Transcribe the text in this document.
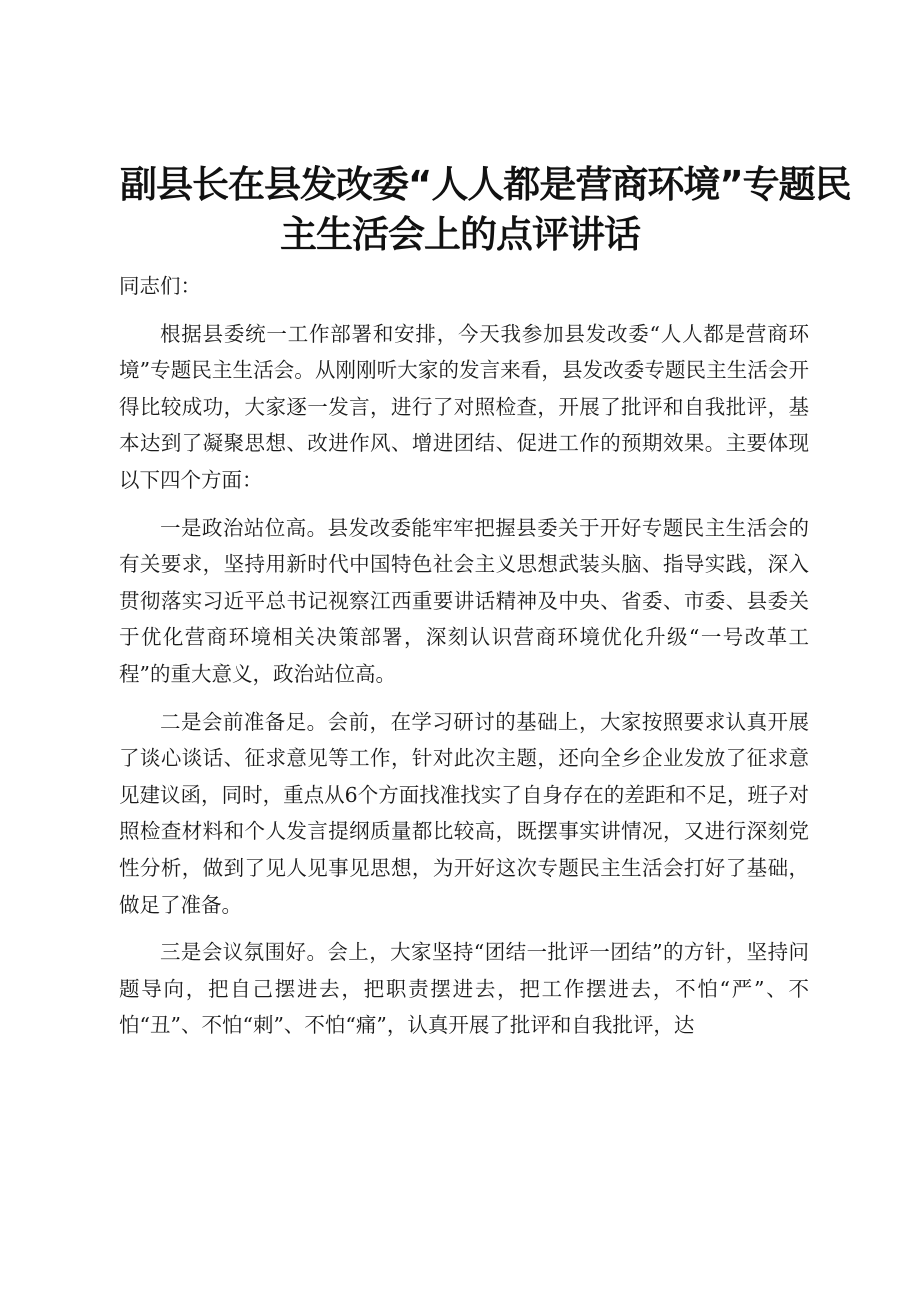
副县长在县发改委“人人都是营商环境”专题民
主生活会上的点评讲话

同志们：

根据县委统一工作部署和安排，今天我参加县发改委“人人都是营商环境”专题民主生活会。从刚刚听大家的发言来看，县发改委专题民主生活会开得比较成功，大家逐一发言，进行了对照检查，开展了批评和自我批评，基本达到了凝聚思想、改进作风、增进团结、促进工作的预期效果。主要体现以下四个方面：

一是政治站位高。县发改委能牢牢把握县委关于开好专题民主生活会的有关要求，坚持用新时代中国特色社会主义思想武装头脑、指导实践，深入贯彻落实习近平总书记视察江西重要讲话精神及中央、省委、市委、县委关于优化营商环境相关决策部署，深刻认识营商环境优化升级“一号改革工程”的重大意义，政治站位高。

二是会前准备足。会前，在学习研讨的基础上，大家按照要求认真开展了谈心谈话、征求意见等工作，针对此次主题，还向全乡企业发放了征求意见建议函，同时，重点从6个方面找准找实了自身存在的差距和不足，班子对照检查材料和个人发言提纲质量都比较高，既摆事实讲情况，又进行深刻党性分析，做到了见人见事见思想，为开好这次专题民主生活会打好了基础，做足了准备。

三是会议氛围好。会上，大家坚持“团结一批评一团结”的方针，坚持问题导向，把自己摆进去，把职责摆进去，把工作摆进去，不怕“严”、不怕“丑”、不怕“刺”、不怕“痛”，认真开展了批评和自我批评，达
